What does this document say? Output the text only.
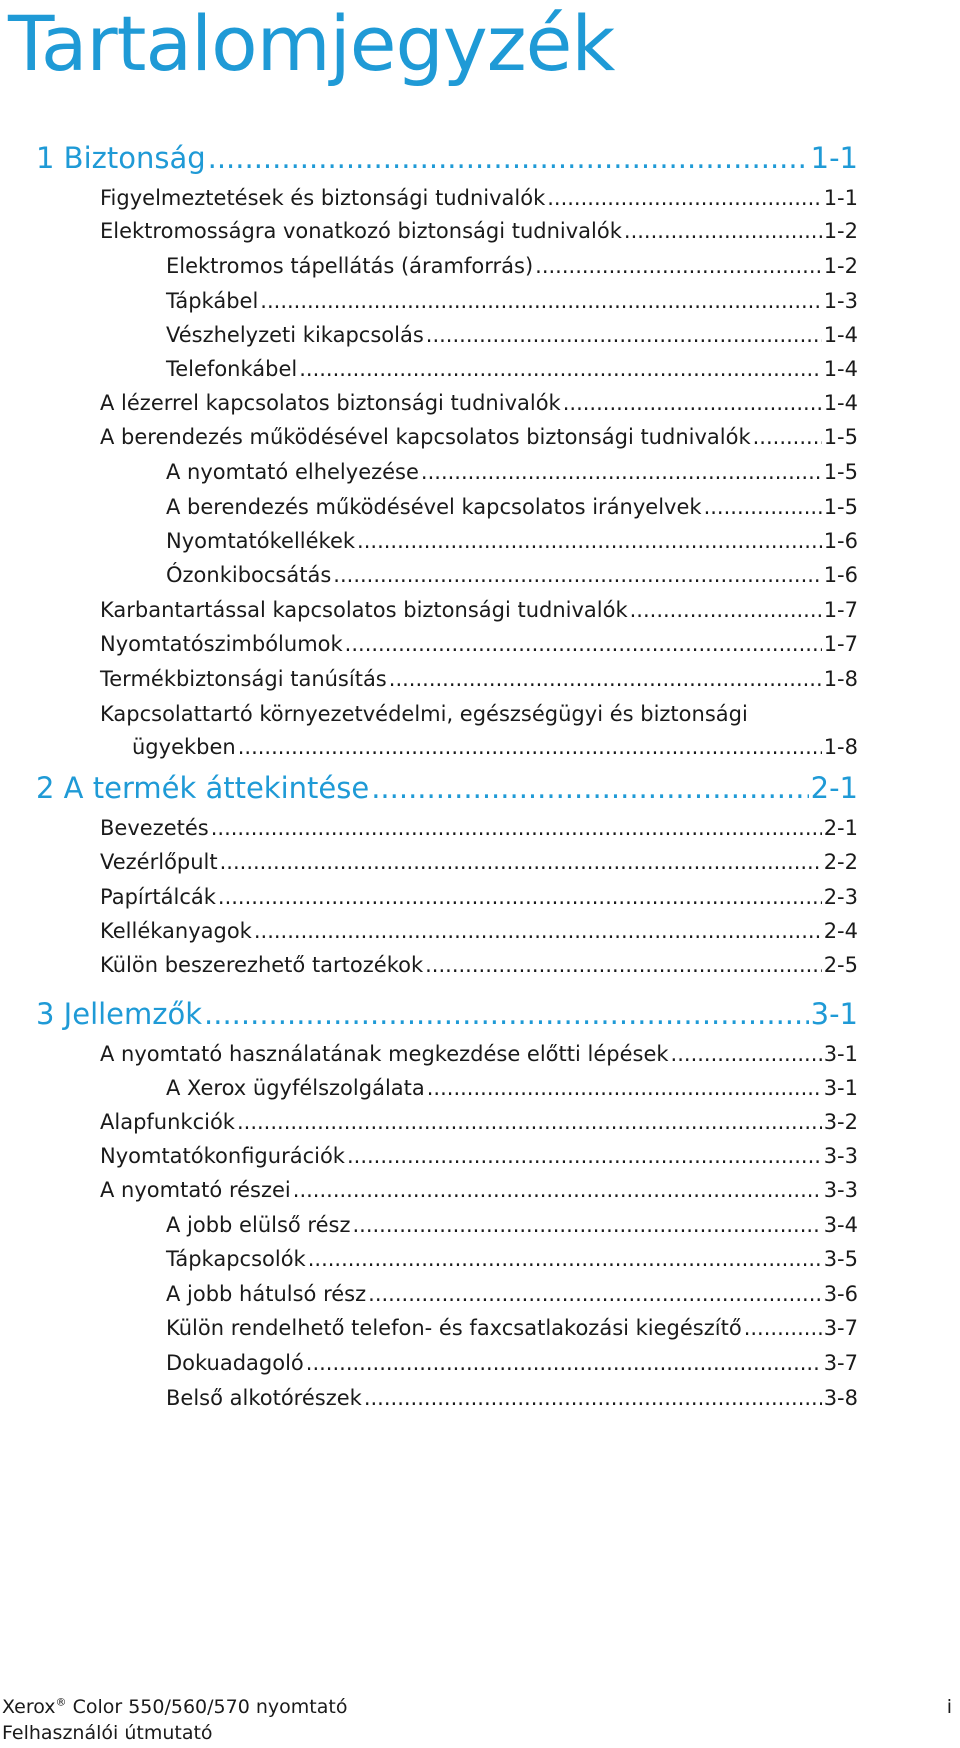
Tartalomjegyzék
1 Biztonság .....	1-1
Figyelmeztetések és biztonsági tudnivalók .....	1-1
Elektromosságra vonatkozó biztonsági tudnivalók .....	1-2
Elektromos tápellátás (áramforrás) .....	1-2
Tápkábel .....	1-3
Vészhelyzeti kikapcsolás .....	1-4
Telefonkábel .....	1-4
A lézerrel kapcsolatos biztonsági tudnivalók .....	1-4
A berendezés működésével kapcsolatos biztonsági tudnivalók .....	1-5
A nyomtató elhelyezése .....	1-5
A berendezés működésével kapcsolatos irányelvek .....	1-5
Nyomtatókellékek .....	1-6
Ózonkibocsátás .....	1-6
Karbantartással kapcsolatos biztonsági tudnivalók .....	1-7
Nyomtatószimbólumok .....	1-7
Termékbiztonsági tanúsítás .....	1-8
Kapcsolattartó környezetvédelmi, egészségügyi és biztonsági
ügyekben .....	1-8
2 A termék áttekintése .....	2-1
Bevezetés .....	2-1
Vezérlőpult .....	2-2
Papírtálcák .....	2-3
Kellékanyagok .....	2-4
Külön beszerezhető tartozékok .....	2-5
3 Jellemzők .....	3-1
A nyomtató használatának megkezdése előtti lépések .....	3-1
A Xerox ügyfélszolgálata .....	3-1
Alapfunkciók .....	3-2
Nyomtatókonfigurációk .....	3-3
A nyomtató részei .....	3-3
A jobb elülső rész .....	3-4
Tápkapcsolók .....	3-5
A jobb hátulsó rész .....	3-6
Külön rendelhető telefon- és faxcsatlakozási kiegészítő .....	3-7
Dokuadagoló .....	3-7
Belső alkotórészek .....	3-8
Xerox® Color 550/560/570 nyomtató
Felhasználói útmutató
i
